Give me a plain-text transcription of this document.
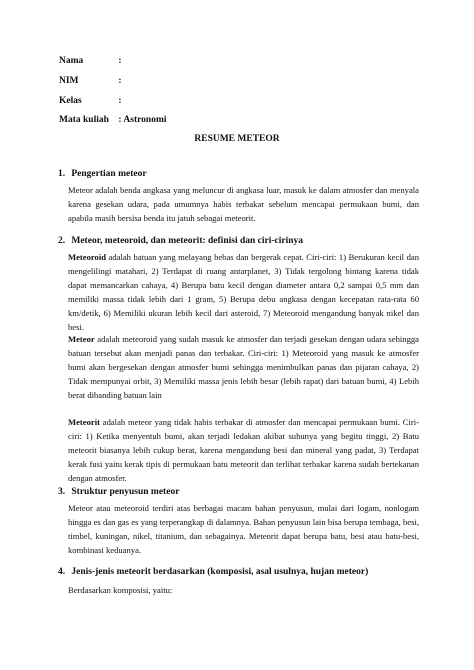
Nama	:
NIM	:
Kelas	:
Mata kuliah : Astronomi
RESUME METEOR
1. Pengertian meteor
Meteor adalah benda angkasa yang meluncur di angkasa luar, masuk ke dalam atmosfer dan menyala karena gesekan udara, pada umumnya habis terbakar sebelum mencapai permukaan bumi, dan apabila masih bersisa benda itu jatuh sebagai meteorit.
2. Meteor, meteoroid, dan meteorit: definisi dan ciri-cirinya
Meteoroid adalah batuan yang melayang bebas dan bergerak cepat. Ciri-ciri: 1) Berukuran kecil dan mengelilingi matahari, 2) Terdapat di ruang antarplanet, 3) Tidak tergolong bintang karena tidak dapat memancarkan cahaya, 4) Berupa batu kecil dengan diameter antara 0,2 sampai 0,5 mm dan memiliki massa tidak lebih dari 1 gram, 5) Berupa debu angkasa dengan kecepatan rata-rata 60 km/detik, 6) Memiliki ukuran lebih kecil dari asteroid, 7) Meteoroid mengandung banyak nikel dan besi.
Meteor adalah meteoroid yang sudah masuk ke atmosfer dan terjadi gesekan dengan udara sehingga batuan tersebut akan menjadi panas dan terbakar. Ciri-ciri: 1) Meteoroid yang masuk ke atmosfer bumi akan bergesekan dengan atmosfer bumi sehingga menimbulkan panas dan pijaran cahaya, 2) Tidak mempunyai orbit, 3) Memiliki massa jenis lebih besar (lebih rapat) dari batuan bumi, 4) Lebih berat dibanding batuan lain
Meteorit adalah meteor yang tidak habis terbakar di atmosfer dan mencapai permukaan bumi. Ciri- ciri: 1) Ketika menyentuh bumi, akan terjadi ledakan akibat suhunya yang begitu tinggi, 2) Batu meteorit biasanya lebih cukup berat, karena mengandung besi dan mineral yang padat, 3) Terdapat kerak fusi yaitu kerak tipis di permukaan batu meteorit dan terlihat terbakar karena sudah bertekanan dengan atmosfer.
3. Struktur penyusun meteor
Meteor atau meteoroid terdiri atas berbagai macam bahan penyusun, mulai dari logam, nonlogam hingga es dan gas es yang terperangkap di dalamnya. Bahan penyusun lain bisa berupa tembaga, besi, timbel, kuningan, nikel, titanium, dan sebagainya. Meteorit dapat berupa batu, besi atau batu-besi, kombinasi keduanya.
4. Jenis-jenis meteorit berdasarkan (komposisi, asal usulnya, hujan meteor)
Berdasarkan komposisi, yaitu:
